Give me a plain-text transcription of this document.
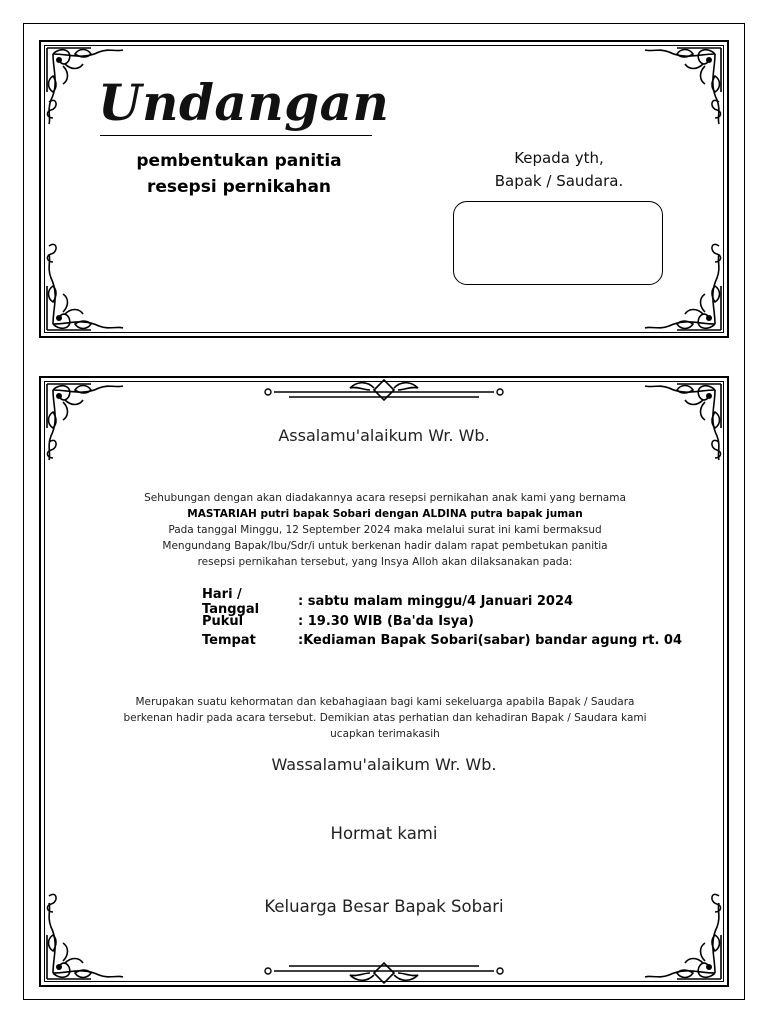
Undangan
pembentukan panitia resepsi pernikahan
Kepada yth,
Bapak / Saudara.
Assalamu'alaikum Wr. Wb.
Sehubungan dengan akan diadakannya acara resepsi pernikahan anak kami yang bernama
MASTARIAH putri bapak Sobari dengan ALDINA putra bapak juman
Pada tanggal Minggu, 12 September 2024 maka melalui surat ini kami bermaksud
Mengundang Bapak/Ibu/Sdr/i untuk berkenan hadir dalam rapat pembetukan panitia
resepsi pernikahan tersebut, yang Insya Alloh akan dilaksanakan pada:
Hari / Tanggal	: sabtu malam minggu/4 Januari 2024
Pukul	: 19.30 WIB (Ba'da Isya)
Tempat	:Kediaman Bapak Sobari(sabar) bandar agung rt. 04
Merupakan suatu kehormatan dan kebahagiaan bagi kami sekeluarga apabila Bapak / Saudara
berkenan hadir pada acara tersebut. Demikian atas perhatian dan kehadiran Bapak / Saudara kami
ucapkan terimakasih
Wassalamu'alaikum Wr. Wb.
Hormat kami
Keluarga Besar Bapak Sobari
